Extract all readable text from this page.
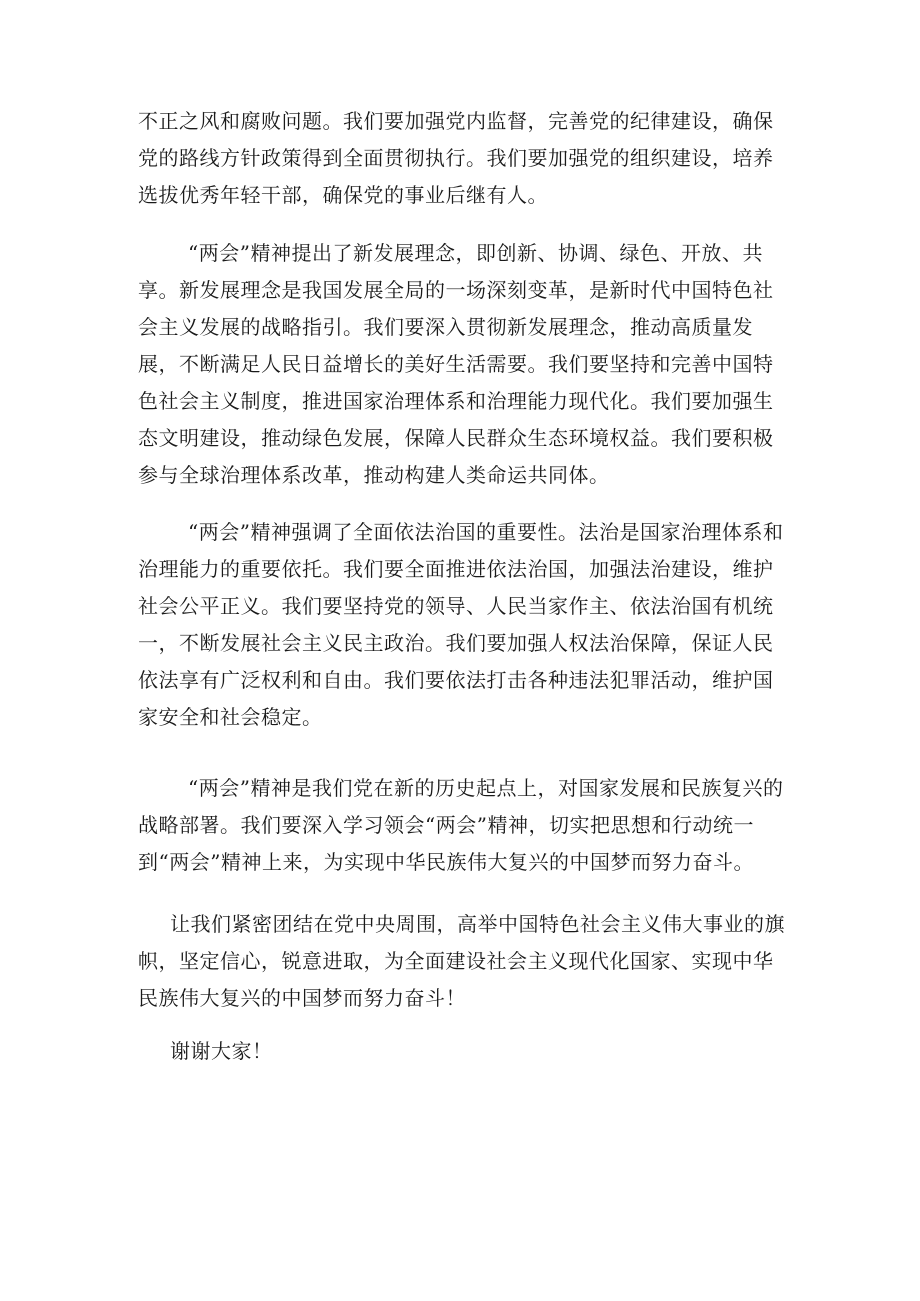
不正之风和腐败问题。我们要加强党内监督，完善党的纪律建设，确保党的路线方针政策得到全面贯彻执行。我们要加强党的组织建设，培养选拔优秀年轻干部，确保党的事业后继有人。

“两会”精神提出了新发展理念，即创新、协调、绿色、开放、共享。新发展理念是我国发展全局的一场深刻变革，是新时代中国特色社会主义发展的战略指引。我们要深入贯彻新发展理念，推动高质量发展，不断满足人民日益增长的美好生活需要。我们要坚持和完善中国特色社会主义制度，推进国家治理体系和治理能力现代化。我们要加强生态文明建设，推动绿色发展，保障人民群众生态环境权益。我们要积极参与全球治理体系改革，推动构建人类命运共同体。

“两会”精神强调了全面依法治国的重要性。法治是国家治理体系和治理能力的重要依托。我们要全面推进依法治国，加强法治建设，维护社会公平正义。我们要坚持党的领导、人民当家作主、依法治国有机统一，不断发展社会主义民主政治。我们要加强人权法治保障，保证人民依法享有广泛权利和自由。我们要依法打击各种违法犯罪活动，维护国家安全和社会稳定。

“两会”精神是我们党在新的历史起点上，对国家发展和民族复兴的战略部署。我们要深入学习领会“两会”精神，切实把思想和行动统一到“两会”精神上来，为实现中华民族伟大复兴的中国梦而努力奋斗。

让我们紧密团结在党中央周围，高举中国特色社会主义伟大事业的旗帜，坚定信心，锐意进取，为全面建设社会主义现代化国家、实现中华民族伟大复兴的中国梦而努力奋斗！

谢谢大家！
